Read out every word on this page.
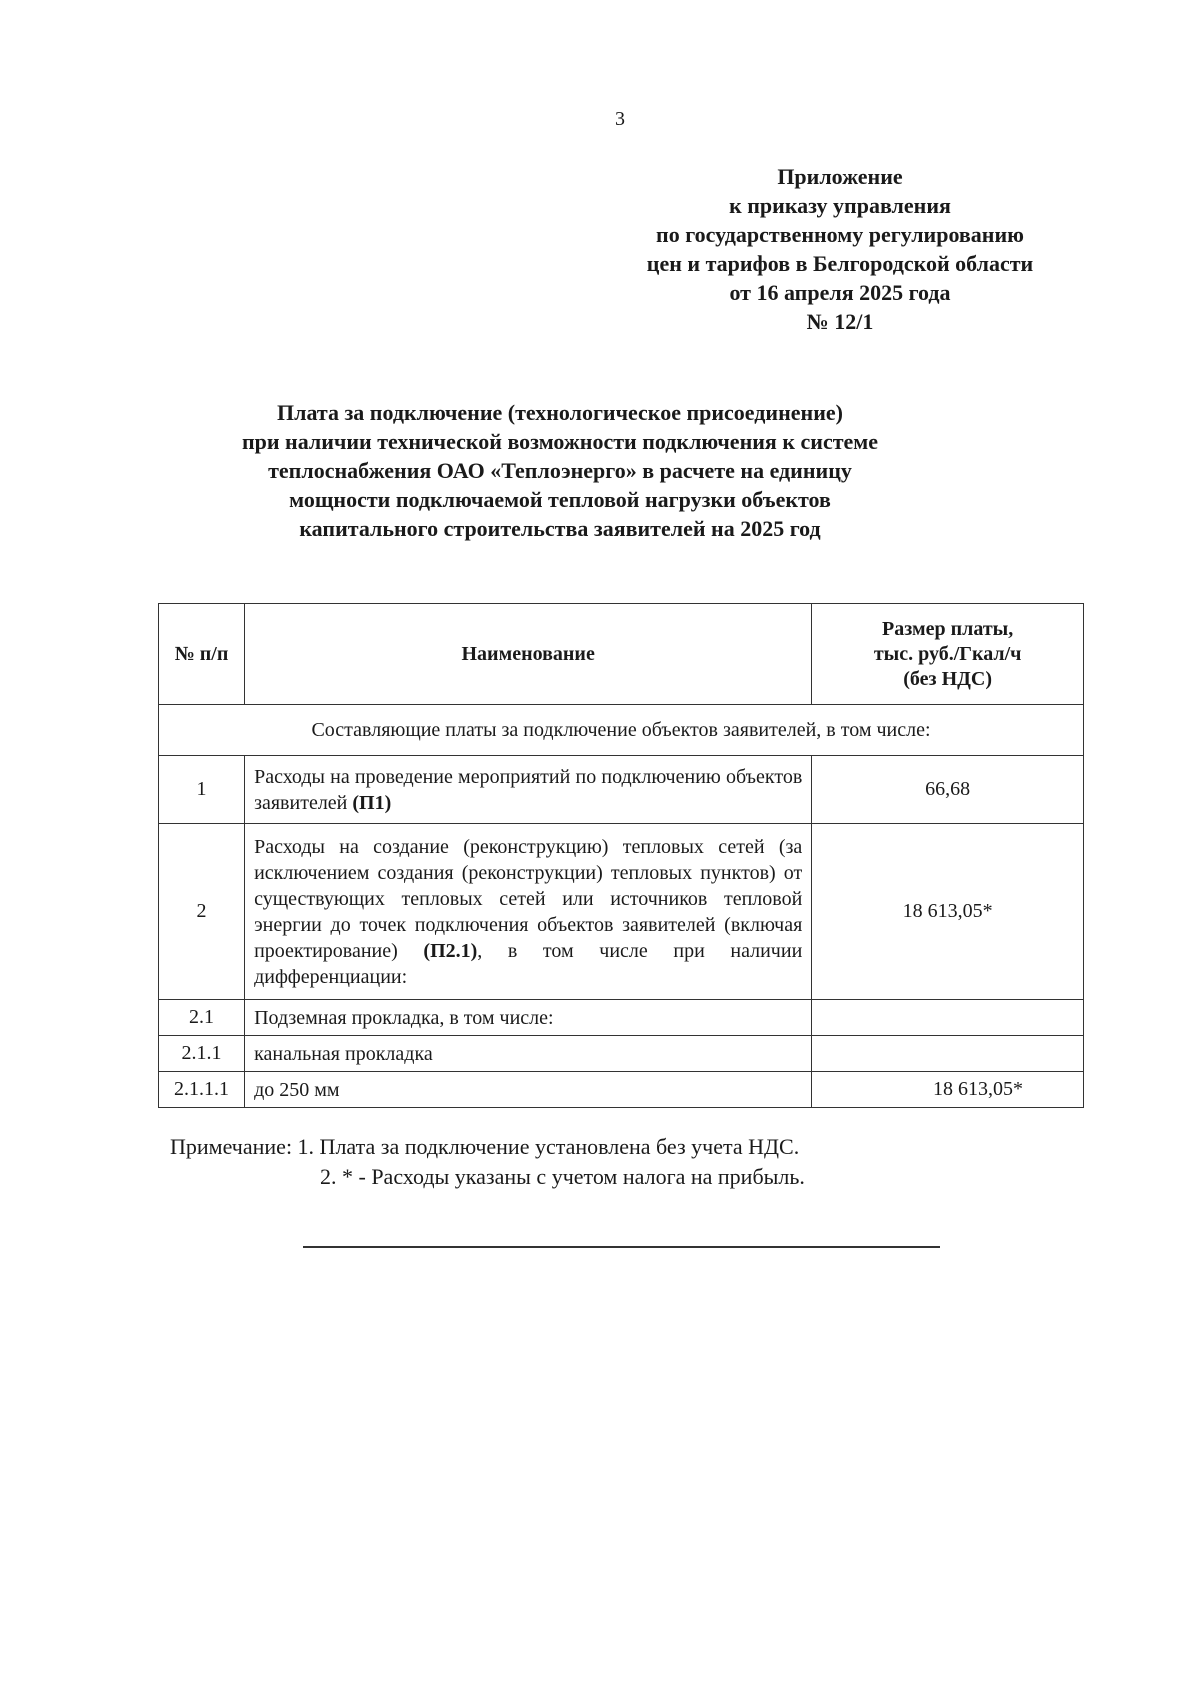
3
Приложение
к приказу управления
по государственному регулированию
цен и тарифов в Белгородской области
от 16 апреля 2025 года
№ 12/1
Плата за подключение (технологическое присоединение)
при наличии технической возможности подключения к системе
теплоснабжения ОАО «Теплоэнерго» в расчете на единицу
мощности подключаемой тепловой нагрузки объектов
капитального строительства заявителей на 2025 год
№ п/п	Наименование	Размер платы,
тыс. руб./Гкал/ч
(без НДС)

Составляющие платы за подключение объектов заявителей, в том числе:		
1	Расходы на проведение мероприятий по подключению объектов заявителей (П1)	66,68
2	Расходы на создание (реконструкцию) тепловых сетей (за исключением создания (реконструкции) тепловых пунктов) от существующих тепловых сетей или источников тепловой энергии до точек подключения объектов заявителей (включая проектирование) (П2.1), в том числе при наличии дифференциации:	18 613,05*
2.1	Подземная прокладка, в том числе:	
2.1.1	канальная прокладка	
2.1.1.1	до 250 мм	18 613,05*
Примечание: 1. Плата за подключение установлена без учета НДС.
2. * - Расходы указаны с учетом налога на прибыль.
